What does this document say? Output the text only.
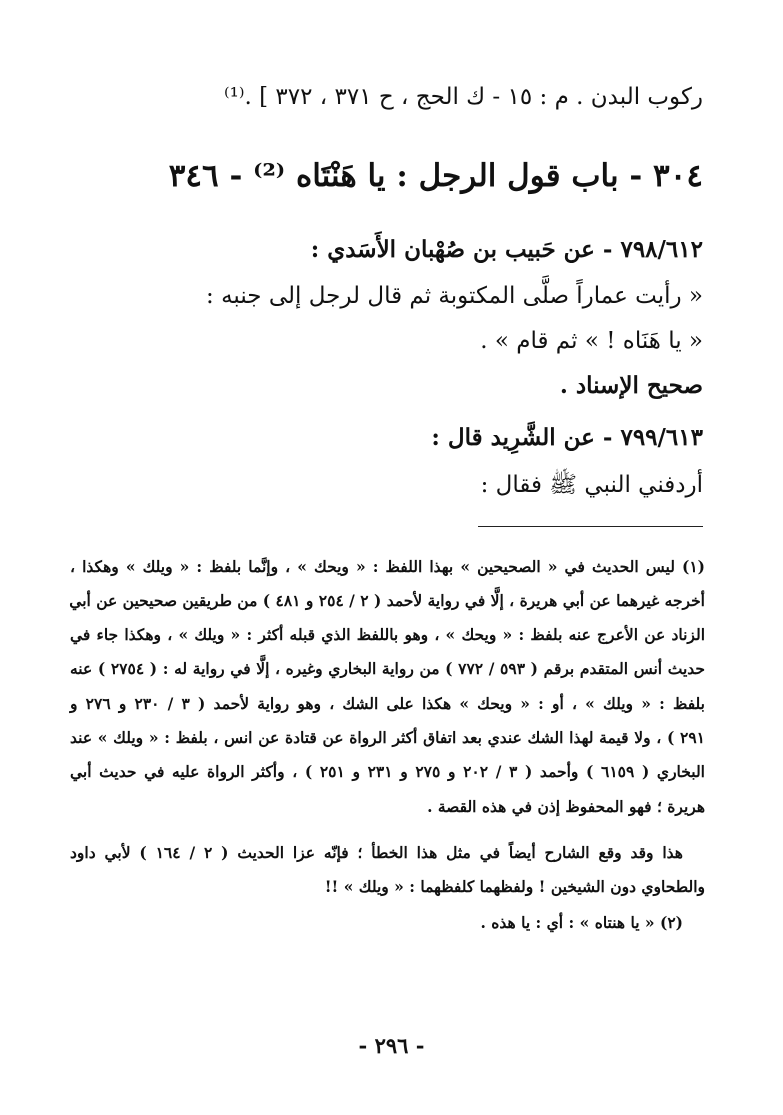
ركوب البدن . م : ١٥ - ك الحج ، ح ٣٧١ ، ٣٧٢ ] .⁽¹⁾
٣٠٤ - باب قول الرجل : يا هَنْتَاه ⁽²⁾ - ٣٤٦
٧٩٨/٦١٢ - عن حَبيب بن صُهْبان الأَسَدي :
« رأيت عماراً صلَّى المكتوبة ثم قال لرجل إلى جنبه :
« يا هَنَاه ! » ثم قام » .
صحيح الإسناد .
٧٩٩/٦١٣ - عن الشَّرِيد قال :
أردفني النبي ﷺ فقال :
(١) ليس الحديث في « الصحيحين » بهذا اللفظ : « ويحك » ، وإنَّما بلفظ : « ويلك » وهكذا ،
أخرجه غيرهما عن أبي هريرة ، إلَّا في رواية لأحمد ( ٢ / ٢٥٤ و ٤٨١ ) من طريقين صحيحين عن أبي
الزناد عن الأعرج عنه بلفظ : « ويحك » ، وهو باللفظ الذي قبله أكثر : « ويلك » ، وهكذا جاء في
حديث أنس المتقدم برقم ( ٥٩٣ / ٧٧٢ ) من رواية البخاري وغيره ، إلَّا في رواية له : ( ٢٧٥٤ ) عنه
بلفظ : « ويلك » ، أو : « ويحك » هكذا على الشك ، وهو رواية لأحمد ( ٣ / ٢٣٠ و ٢٧٦ و
٢٩١ ) ، ولا قيمة لهذا الشك عندي بعد اتفاق أكثر الرواة عن قتادة عن انس ، بلفظ : « ويلك » عند
البخاري ( ٦١٥٩ ) وأحمد ( ٣ / ٢٠٢ و ٢٧٥ و ٢٣١ و ٢٥١ ) ، وأكثر الرواة عليه في حديث أبي
هريرة ؛ فهو المحفوظ إذن في هذه القصة .
هذا وقد وقع الشارح أيضاً في مثل هذا الخطأ ؛ فإنّه عزا الحديث ( ٢ / ١٦٤ ) لأبي داود
والطحاوي دون الشيخين ! ولفظهما كلفظهما : « ويلك » !!
(٢) « يا هنتاه » : أي : يا هذه .
- ٢٩٦ -
